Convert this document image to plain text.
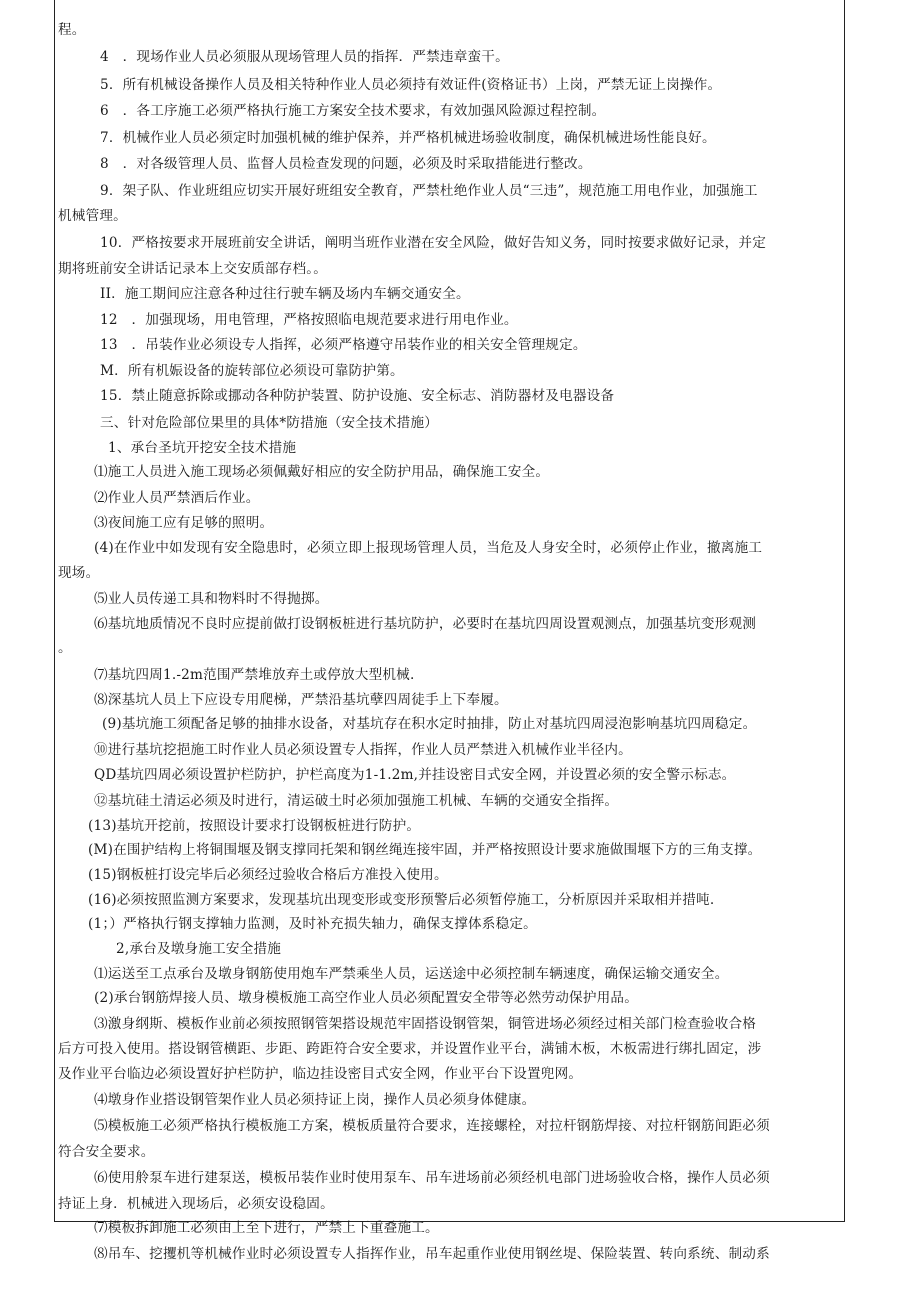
程。
4　．现场作业人员必须服从现场管理人员的指挥．严禁违章蛮干。
5．所有机械设备操作人员及相关特种作业人员必须持有效证件(资格证书）上岗，严禁无证上岗操作。
6　．各工序施工必须严格执行施工方案安全技术要求，有效加强风险源过程控制。
7．机械作业人员必须定时加强机械的维护保养，并严格机械进场验收制度，确保机械进场性能良好。
8　．对各级管理人员、监督人员检查发现的问题，必须及时采取措能进行整改。
9．架子队、作业班组应切实开展好班组安全教育，严禁杜绝作业人员“三违”，规范施工用电作业，加强施工
机械管理。
10．严格按要求开展班前安全讲话，阐明当班作业潜在安全风险，做好告知义务，同时按要求做好记录，并定
期将班前安全讲话记录本上交安质部存档。。
II．施工期间应注意各种过往行驶车辆及场内车辆交通安全。
12　．加强现场，用电管理，严格按照临电规范要求进行用电作业。
13　．吊装作业必须设专人指挥，必须严格遵守吊装作业的相关安全管理规定。
M．所有机娠设备的旋转部位必须设可靠防护第。
15．禁止随意拆除或挪动各种防护装置、防护设施、安全标志、消防器材及电器设备
三、针对危险部位果里的具体*防措施（安全技术措施）
1、承台圣坑开挖安全技术措施
⑴施工人员进入施工现场必须佩戴好相应的安全防护用品，确保施工安全。
⑵作业人员严禁酒后作业。
⑶夜间施工应有足够的照明。
(4)在作业中如发现有安全隐患时，必须立即上报现场管理人员，当危及人身安全时，必须停止作业，撤离施工
现场。
⑸业人员传递工具和物料时不得抛掷。
⑹基坑地质情况不良时应提前做打设钢板桩进行基坑防护，必要时在基坑四周设置观测点，加强基坑变形观测
。
⑺基坑四周1.-2m范围严禁堆放弃土或停放大型机械.
⑻深基坑人员上下应设专用爬梯，严禁沿基坑孽四周徒手上下奉履。
(9)基坑施工须配备足够的抽排水设备，对基坑存在积水定时抽排，防止对基坑四周浸泡影响基坑四周稳定。
⑩进行基坑挖挹施工时作业人员必须设置专人指挥，作业人员严禁进入机械作业半径内。
QD基坑四周必须设置护栏防护，护栏高度为1-1.2m,并挂设密目式安全网，并设置必须的安全警示标志。
⑫基坑硅土清运必须及时进行，清运破土时必须加强施工机械、车辆的交通安全指挥。
(13)基坑开挖前，按照设计要求打设钢板桩进行防护。
(M)在围护结构上将铜围堰及钢支撑同托架和钢丝绳连接牢固，并严格按照设计要求施做围堰下方的三角支撑。
(15)钢板桩打设完毕后必须经过验收合格后方准投入使用。
(16)必须按照监测方案要求，发现基坑出现变形或变形预警后必须暂停施工，分析原因并采取相并措吨.
(1；）严格执行钢支撑轴力监测，及时补充损失轴力，确保支撑体系稳定。
2,承台及墩身施工安全措施
⑴运送至工点承台及墩身钢筋使用炮车严禁乘坐人员，运送途中必须控制车辆速度，确保运输交通安全。
(2)承台钢筋焊接人员、墩身模板施工高空作业人员必须配置安全带等必然劳动保护用品。
⑶激身纲斯、模板作业前必须按照钢管架搭设规范牢固搭设钢管架，铜管进场必须经过相关部门检查验收合格
后方可投入使用。搭设钢管横距、步距、跨距符合安全要求，并设置作业平台，满铺木板，木板需进行绑扎固定，涉
及作业平台临边必须设置好护栏防护，临边挂设密目式安全网，作业平台下设置兜网。
⑷墩身作业搭设钢管架作业人员必须持证上岗，操作人员必须身体健康。
⑸模板施工必须严格执行模板施工方案，模板质量符合要求，连接螺栓，对拉杆钢筋焊接、对拉杆钢筋间距必须
符合安全要求。
⑹使用舲泵车进行建泵送，模板吊装作业时使用泵车、吊车进场前必须经机电部门进场验收合格，操作人员必须
持证上身．机械进入现场后，必须安设稳固。
⑺模板拆卸施工必须由上至下进行，严禁上下重叠施工。
⑻吊车、挖攫机等机械作业时必须设置专人指挥作业，吊车起重作业使用钢丝堤、保险装置、转向系统、制动系
